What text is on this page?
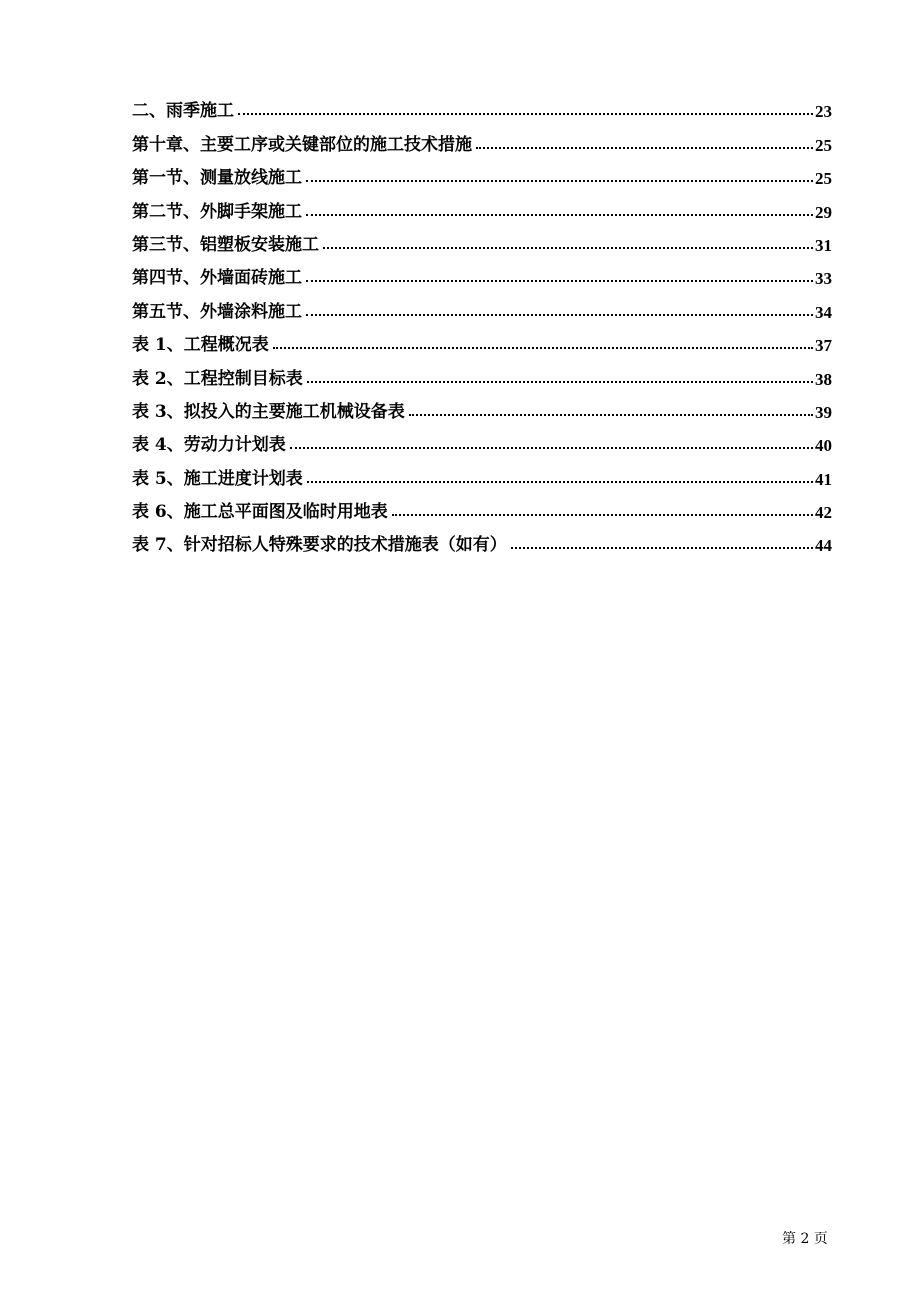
二、雨季施工	23
第十章、主要工序或关键部位的施工技术措施	25
第一节、测量放线施工	25
第二节、外脚手架施工	29
第三节、铝塑板安装施工	31
第四节、外墙面砖施工	33
第五节、外墙涂料施工	34
表 1、工程概况表	37
表 2、工程控制目标表	38
表 3、拟投入的主要施工机械设备表	39
表 4、劳动力计划表	40
表 5、施工进度计划表	41
表 6、施工总平面图及临时用地表	42
表 7、针对招标人特殊要求的技术措施表（如有）	44
第 2 页
